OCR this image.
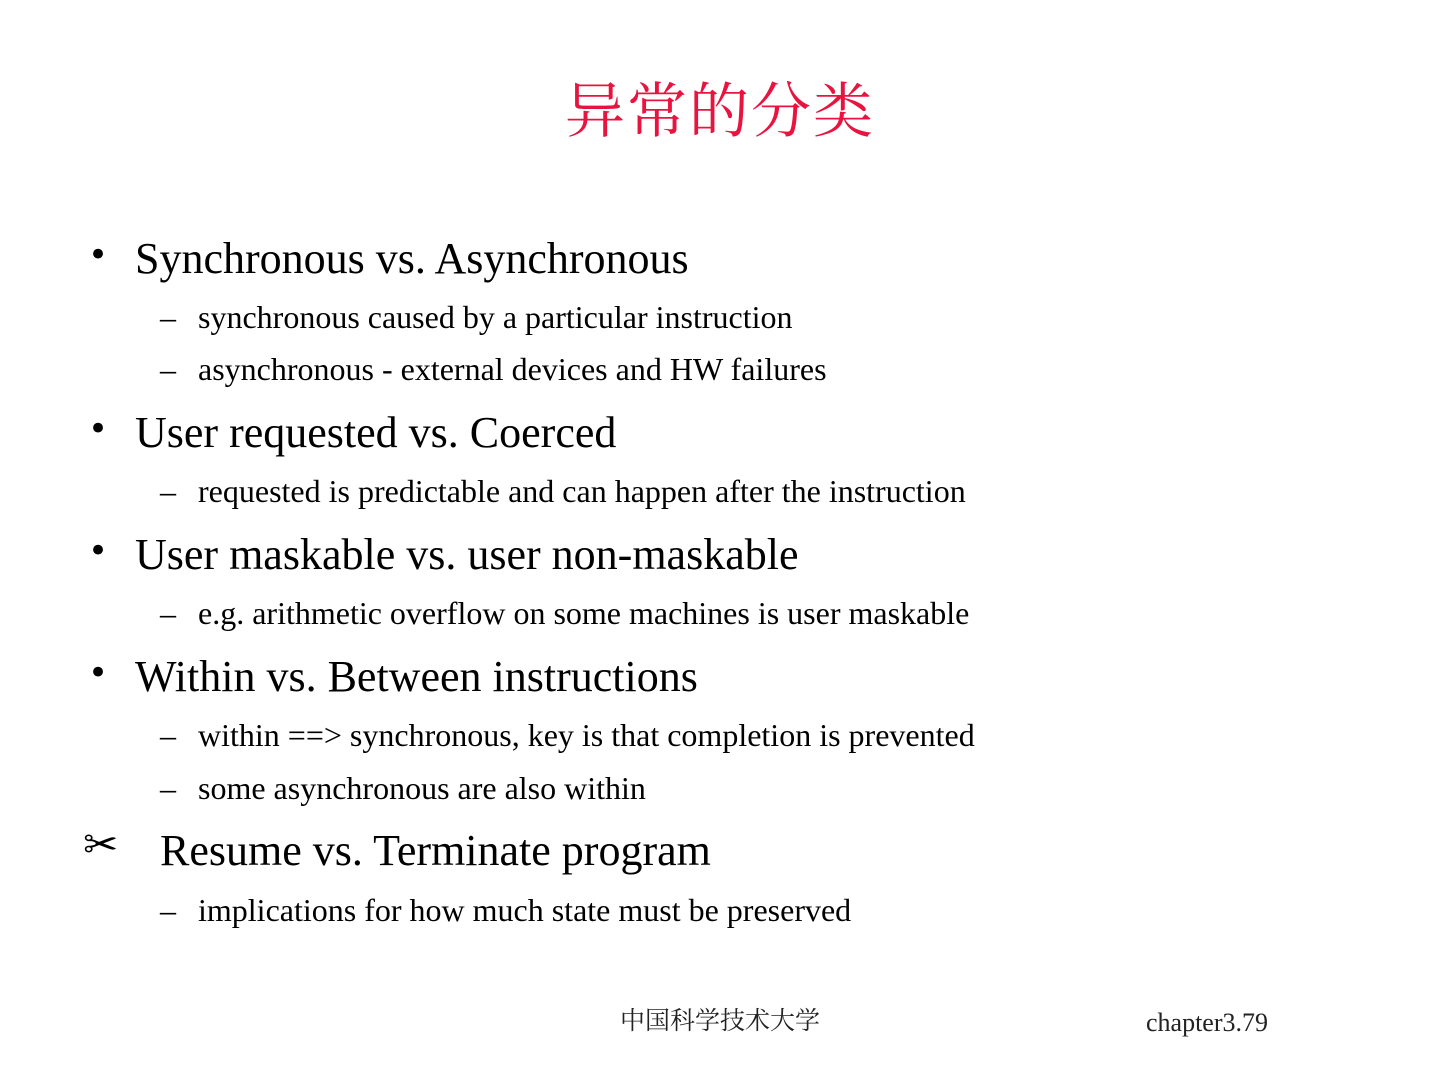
异常的分类
• Synchronous vs. Asynchronous
– synchronous caused by a particular instruction
– asynchronous - external devices and HW failures
• User requested vs. Coerced
– requested is predictable and can happen after the instruction
• User maskable vs. user non-maskable
– e.g. arithmetic overflow on some machines is user maskable
• Within vs. Between instructions
– within ==> synchronous, key is that completion is prevented
– some asynchronous are also within
✂ Resume vs. Terminate program
– implications for how much state must be preserved
中国科学技术大学	chapter3.79
